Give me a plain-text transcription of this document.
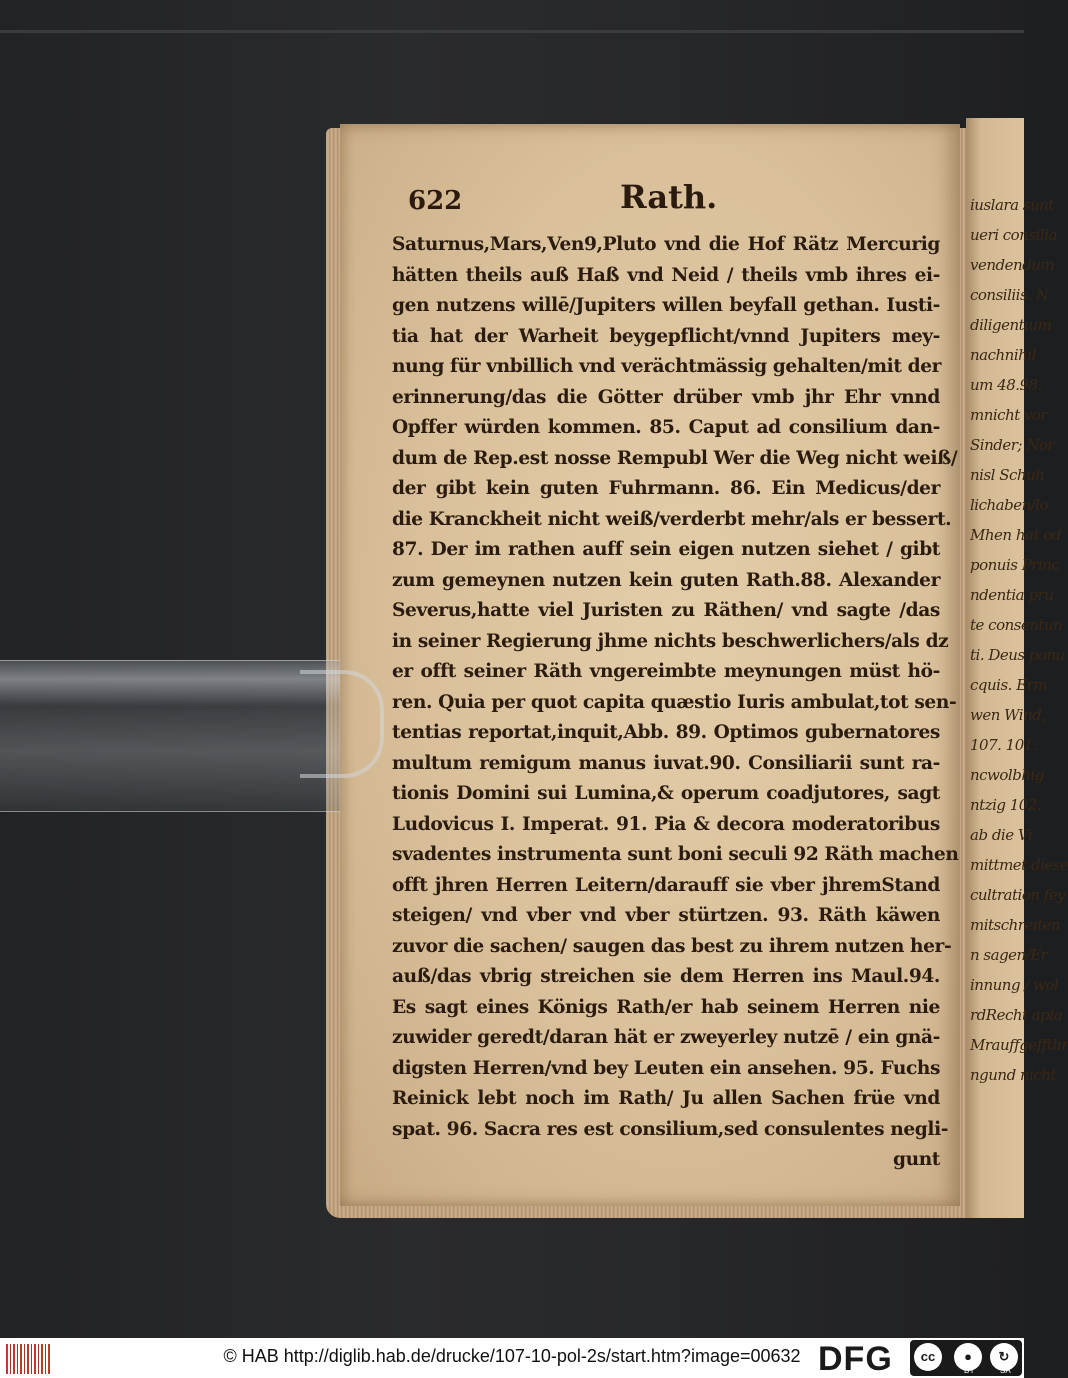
iuslara sunt
ueri consilia
vendendum
consiliis. N
diligentium
nachnihil
um 48.98.
mnicht vor
Sinder; Nor
nisl Schuh
lichaben/lo
Mhen hat od
ponuis Princ
ndentia pru
te consentun
ti. Deus ponu
cquis. Erm
wen Wind,
107. 101.
ncwolbhig
ntzig 102.
ab die Vi
mittmet diese
cultration fey
mitschreiten
n sagen/Er
innung / wol
rdRecht apla
Mrauffgeffthr
ngund nicht
622	Rath.
Saturnus,Mars,Ven9,Pluto vnd die Hof Rätz Mercurig
hätten theils auß Haß vnd Neid / theils vmb ihres ei-
gen nutzens willē/Jupiters willen beyfall gethan. Iusti-
tia hat der Warheit beygepflicht/vnnd Jupiters mey-
nung für vnbillich vnd verächtmässig gehalten/mit der
erinnerung/das die Götter drüber vmb jhr Ehr vnnd
Opffer würden kommen. 85. Caput ad consilium dan-
dum de Rep.est nosse Rempubl Wer die Weg nicht weiß/
der gibt kein guten Fuhrmann. 86. Ein Medicus/der
die Kranckheit nicht weiß/verderbt mehr/als er bessert.
87. Der im rathen auff sein eigen nutzen siehet / gibt
zum gemeynen nutzen kein guten Rath.88. Alexander
Severus,hatte viel Juristen zu Räthen/ vnd sagte /das
in seiner Regierung jhme nichts beschwerlichers/als dz
er offt seiner Räth vngereimbte meynungen müst hö-
ren. Quia per quot capita quæstio Iuris ambulat,tot sen-
tentias reportat,inquit,Abb. 89. Optimos gubernatores
multum remigum manus iuvat.90. Consiliarii sunt ra-
tionis Domini sui Lumina,& operum coadjutores, sagt
Ludovicus I. Imperat. 91. Pia & decora moderatoribus
svadentes instrumenta sunt boni seculi 92 Räth machen
offt jhren Herren Leitern/darauff sie vber jhremStand
steigen/ vnd vber vnd vber stürtzen. 93. Räth käwen
zuvor die sachen/ saugen das best zu ihrem nutzen her-
auß/das vbrig streichen sie dem Herren ins Maul.94.
Es sagt eines Königs Rath/er hab seinem Herren nie
zuwider geredt/daran hät er zweyerley nutzē / ein gnä-
digsten Herren/vnd bey Leuten ein ansehen. 95. Fuchs
Reinick lebt noch im Rath/ Ju allen Sachen früe vnd
spat. 96. Sacra res est consilium,sed consulentes negli-
gunt
© HAB http://diglib.hab.de/drucke/107-10-pol-2s/start.htm?image=00632 DFG	cc	●	↻
BY	SA
